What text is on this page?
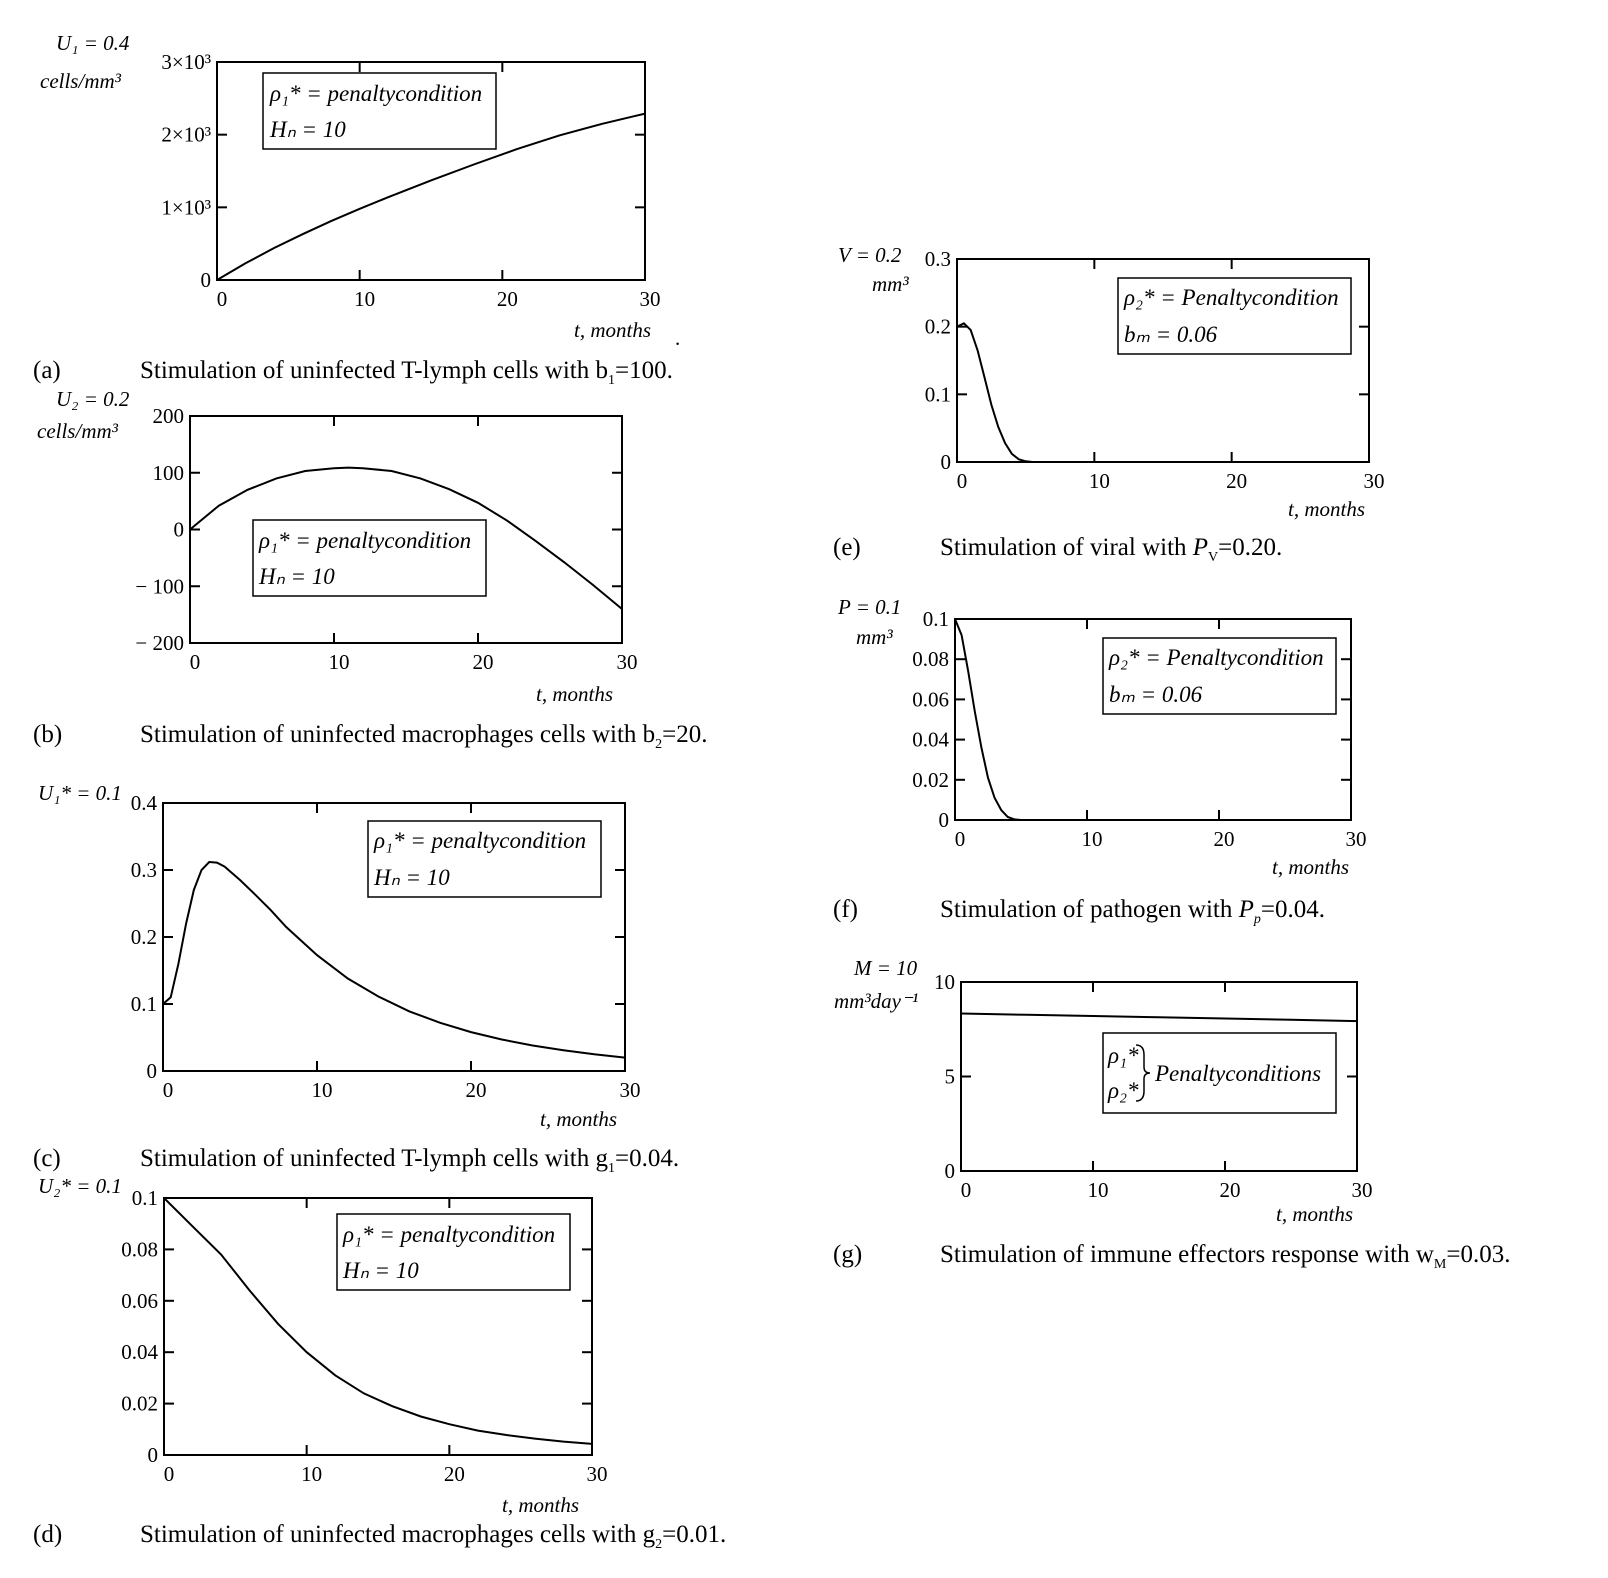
U₁ = 0.4
cells/mm³
0
1×10³
2×10³
3×10³
0	10	20	30
ρ₁* = penaltycondition
Hₙ = 10
t, months .
(a)	Stimulation of uninfected T-lymph cells with $b_1=100$.
U₂ = 0.2
cells/mm³
− 200
− 100
0
100
200
0	10	20	30
ρ₁* = penaltycondition
Hₙ = 10
t, months
(b)	Stimulation of uninfected macrophages cells with $b_2=20$.
U₁* = 0.1
0
0.1
0.2
0.3
0.4
0	10	20	30
ρ₁* = penaltycondition
Hₙ = 10
t, months
(c)	Stimulation of uninfected T-lymph cells with $g_1=0.04$.
U₂* = 0.1
0
0.02
0.04
0.06
0.08
0.1
0	10	20	30
ρ₁* = penaltycondition
Hₙ = 10
t, months
(d)	Stimulation of uninfected macrophages cells with $g_2=0.01$.
V = 0.2
mm³
0
0.1
0.2
0.3
0	10	20	30
ρ₂* = Penaltycondition
bₘ = 0.06
t, months
(e)	Stimulation of viral with $P_V=0.20$.
P = 0.1
mm³
0
0.02
0.04
0.06
0.08
0.1
0	10	20	30
ρ₂* = Penaltycondition
bₘ = 0.06
t, months
(f)	Stimulation of pathogen with $P_p=0.04$.
M = 10
mm³day⁻¹
0
5
10
0	10	20	30
ρ₁*
ρ₂*
Penaltyconditions
t, months
(g)	Stimulation of immune effectors response with $w_M=0.03$.
